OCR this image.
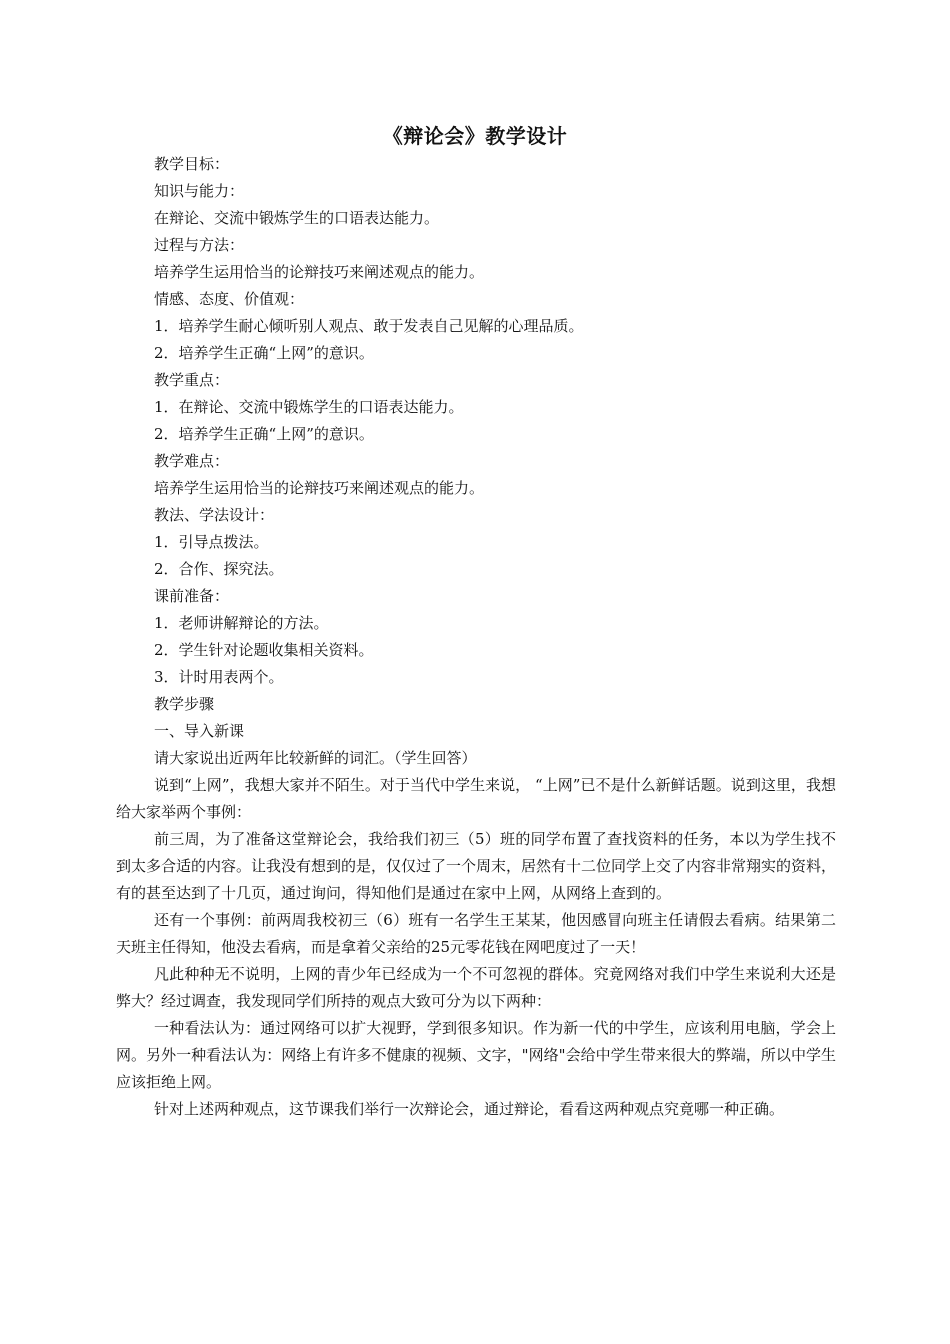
《辩论会》教学设计

教学目标：

知识与能力：

在辩论、交流中锻炼学生的口语表达能力。

过程与方法：

培养学生运用恰当的论辩技巧来阐述观点的能力。

情感、态度、价值观：

1．培养学生耐心倾听别人观点、敢于发表自己见解的心理品质。

2．培养学生正确“上网”的意识。

教学重点：

1．在辩论、交流中锻炼学生的口语表达能力。

2．培养学生正确“上网”的意识。

教学难点：

培养学生运用恰当的论辩技巧来阐述观点的能力。

教法、学法设计：

1．引导点拨法。

2．合作、探究法。

课前准备：

1．老师讲解辩论的方法。

2．学生针对论题收集相关资料。

3．计时用表两个。

教学步骤

一、导入新课

请大家说出近两年比较新鲜的词汇。（学生回答）

说到“上网”，我想大家并不陌生。对于当代中学生来说， “上网”已不是什么新鲜话题。说到这里，我想给大家举两个事例：

前三周，为了准备这堂辩论会，我给我们初三（5）班的同学布置了查找资料的任务，本以为学生找不到太多合适的内容。让我没有想到的是，仅仅过了一个周末，居然有十二位同学上交了内容非常翔实的资料，有的甚至达到了十几页，通过询问，得知他们是通过在家中上网，从网络上查到的。

还有一个事例：前两周我校初三（6）班有一名学生王某某，他因感冒向班主任请假去看病。结果第二天班主任得知，他没去看病，而是拿着父亲给的25元零花钱在网吧度过了一天！

凡此种种无不说明，上网的青少年已经成为一个不可忽视的群体。究竟网络对我们中学生来说利大还是弊大？经过调查，我发现同学们所持的观点大致可分为以下两种：

一种看法认为：通过网络可以扩大视野，学到很多知识。作为新一代的中学生，应该利用电脑，学会上网。另外一种看法认为：网络上有许多不健康的视频、文字，"网络"会给中学生带来很大的弊端，所以中学生应该拒绝上网。

针对上述两种观点，这节课我们举行一次辩论会，通过辩论，看看这两种观点究竟哪一种正确。
